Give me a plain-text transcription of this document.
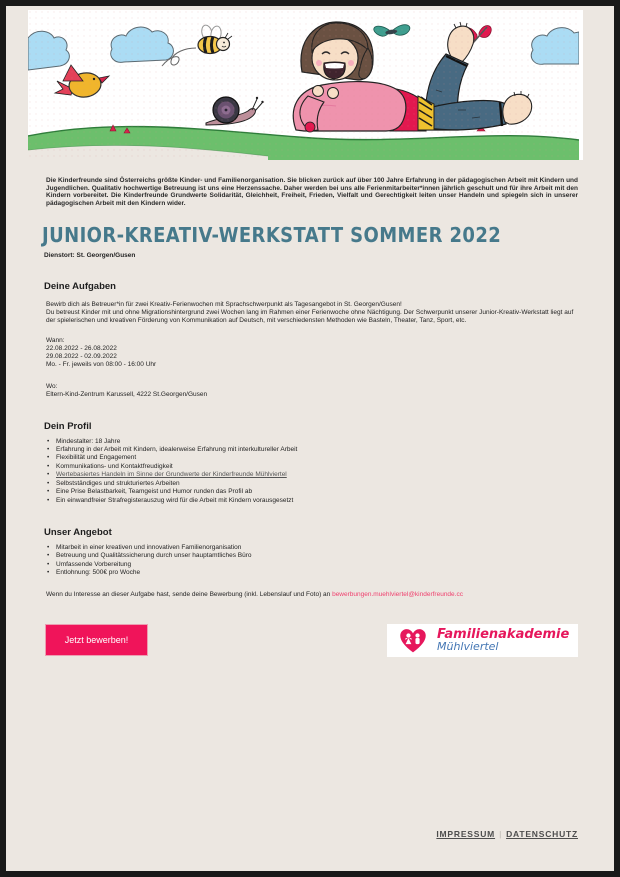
Die Kinderfreunde sind Österreichs größte Kinder- und Familienorganisation. Sie blicken zurück auf über 100 Jahre Erfahrung in der pädagogischen Arbeit mit Kindern und Jugendlichen. Qualitativ hochwertige Betreuung ist uns eine Herzenssache. Daher werden bei uns alle Ferienmitarbeiter*innen jährlich geschult und für ihre Arbeit mit den Kindern vorbereitet. Die Kinderfreunde Grundwerte Solidarität, Gleichheit, Freiheit, Frieden, Vielfalt und Gerechtigkeit leiten unser Handeln und spiegeln sich in unserer pädagogischen Arbeit mit den Kindern wider.

JUNIOR-KREATIV-WERKSTATT SOMMER 2022
Dienstort: St. Georgen/Gusen
Deine Aufgaben

Bewirb dich als Betreuer*in für zwei Kreativ-Ferienwochen mit Sprachschwerpunkt als Tagesangebot in St. Georgen/Gusen!

Du betreust Kinder mit und ohne Migrationshintergrund zwei Wochen lang im Rahmen einer Ferienwoche ohne Nächtigung. Der Schwerpunkt unserer Junior-Kreativ-Werkstatt liegt auf der spielerischen und kreativen Förderung von Kommunikation auf Deutsch, mit verschiedensten Methoden wie Basteln, Theater, Tanz, Sport, etc.

Wann:
22.08.2022 - 26.08.2022
29.08.2022 - 02.09.2022
Mo. - Fr. jeweils von 08:00 - 16:00 Uhr
Wo:
Eltern-Kind-Zentrum Karussell, 4222 St.Georgen/Gusen
Dein Profil
• Mindestalter: 18 Jahre
• Erfahrung in der Arbeit mit Kindern, idealerweise Erfahrung mit interkultureller Arbeit
• Flexibilität und Engagement
• Kommunikations- und Kontaktfreudigkeit
• Wertebasiertes Handeln im Sinne der Grundwerte der Kinderfreunde Mühlviertel
• Selbstständiges und strukturiertes Arbeiten
• Eine Prise Belastbarkeit, Teamgeist und Humor runden das Profil ab
• Ein einwandfreier Strafregisterauszug wird für die Arbeit mit Kindern vorausgesetzt
Unser Angebot
• Mitarbeit in einer kreativen und innovativen Familienorganisation
• Betreuung und Qualitätssicherung durch unser hauptamtliches Büro
• Umfassende Vorbereitung
• Entlohnung: 500€ pro Woche

Wenn du Interesse an dieser Aufgabe hast, sende deine Bewerbung (inkl. Lebenslauf und Foto) an bewerbungen.muehlviertel@kinderfreunde.cc

Jetzt bewerben!	Familienakademie
Mühlviertel
IMPRESSUM | DATENSCHUTZ
